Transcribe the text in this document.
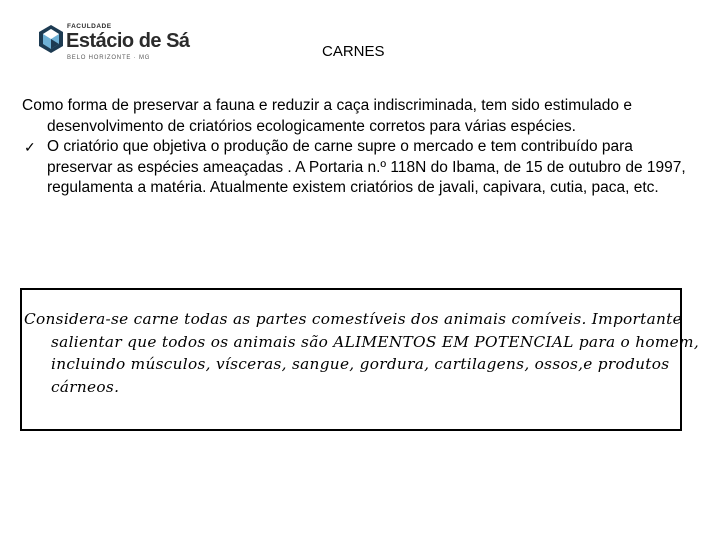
FACULDADE
Estácio de Sá
BELO HORIZONTE · MG	CARNES

Como forma de preservar a fauna e reduzir a caça indiscriminada, tem sido estimulado e desenvolvimento de criatórios ecologicamente corretos para várias espécies.

✓ O criatório que objetiva o produção de carne supre o mercado e tem contribuído para preservar as espécies ameaçadas . A Portaria n.º 118N do Ibama, de 15 de outubro de 1997, regulamenta a matéria. Atualmente existem criatórios de javali, capivara, cutia, paca, etc.

Considera-se carne todas as partes comestíveis dos animais comíveis. Importante salientar que todos os animais são ALIMENTOS EM POTENCIAL para o homem, incluindo músculos, vísceras, sangue, gordura, cartilagens, ossos,e produtos cárneos.
